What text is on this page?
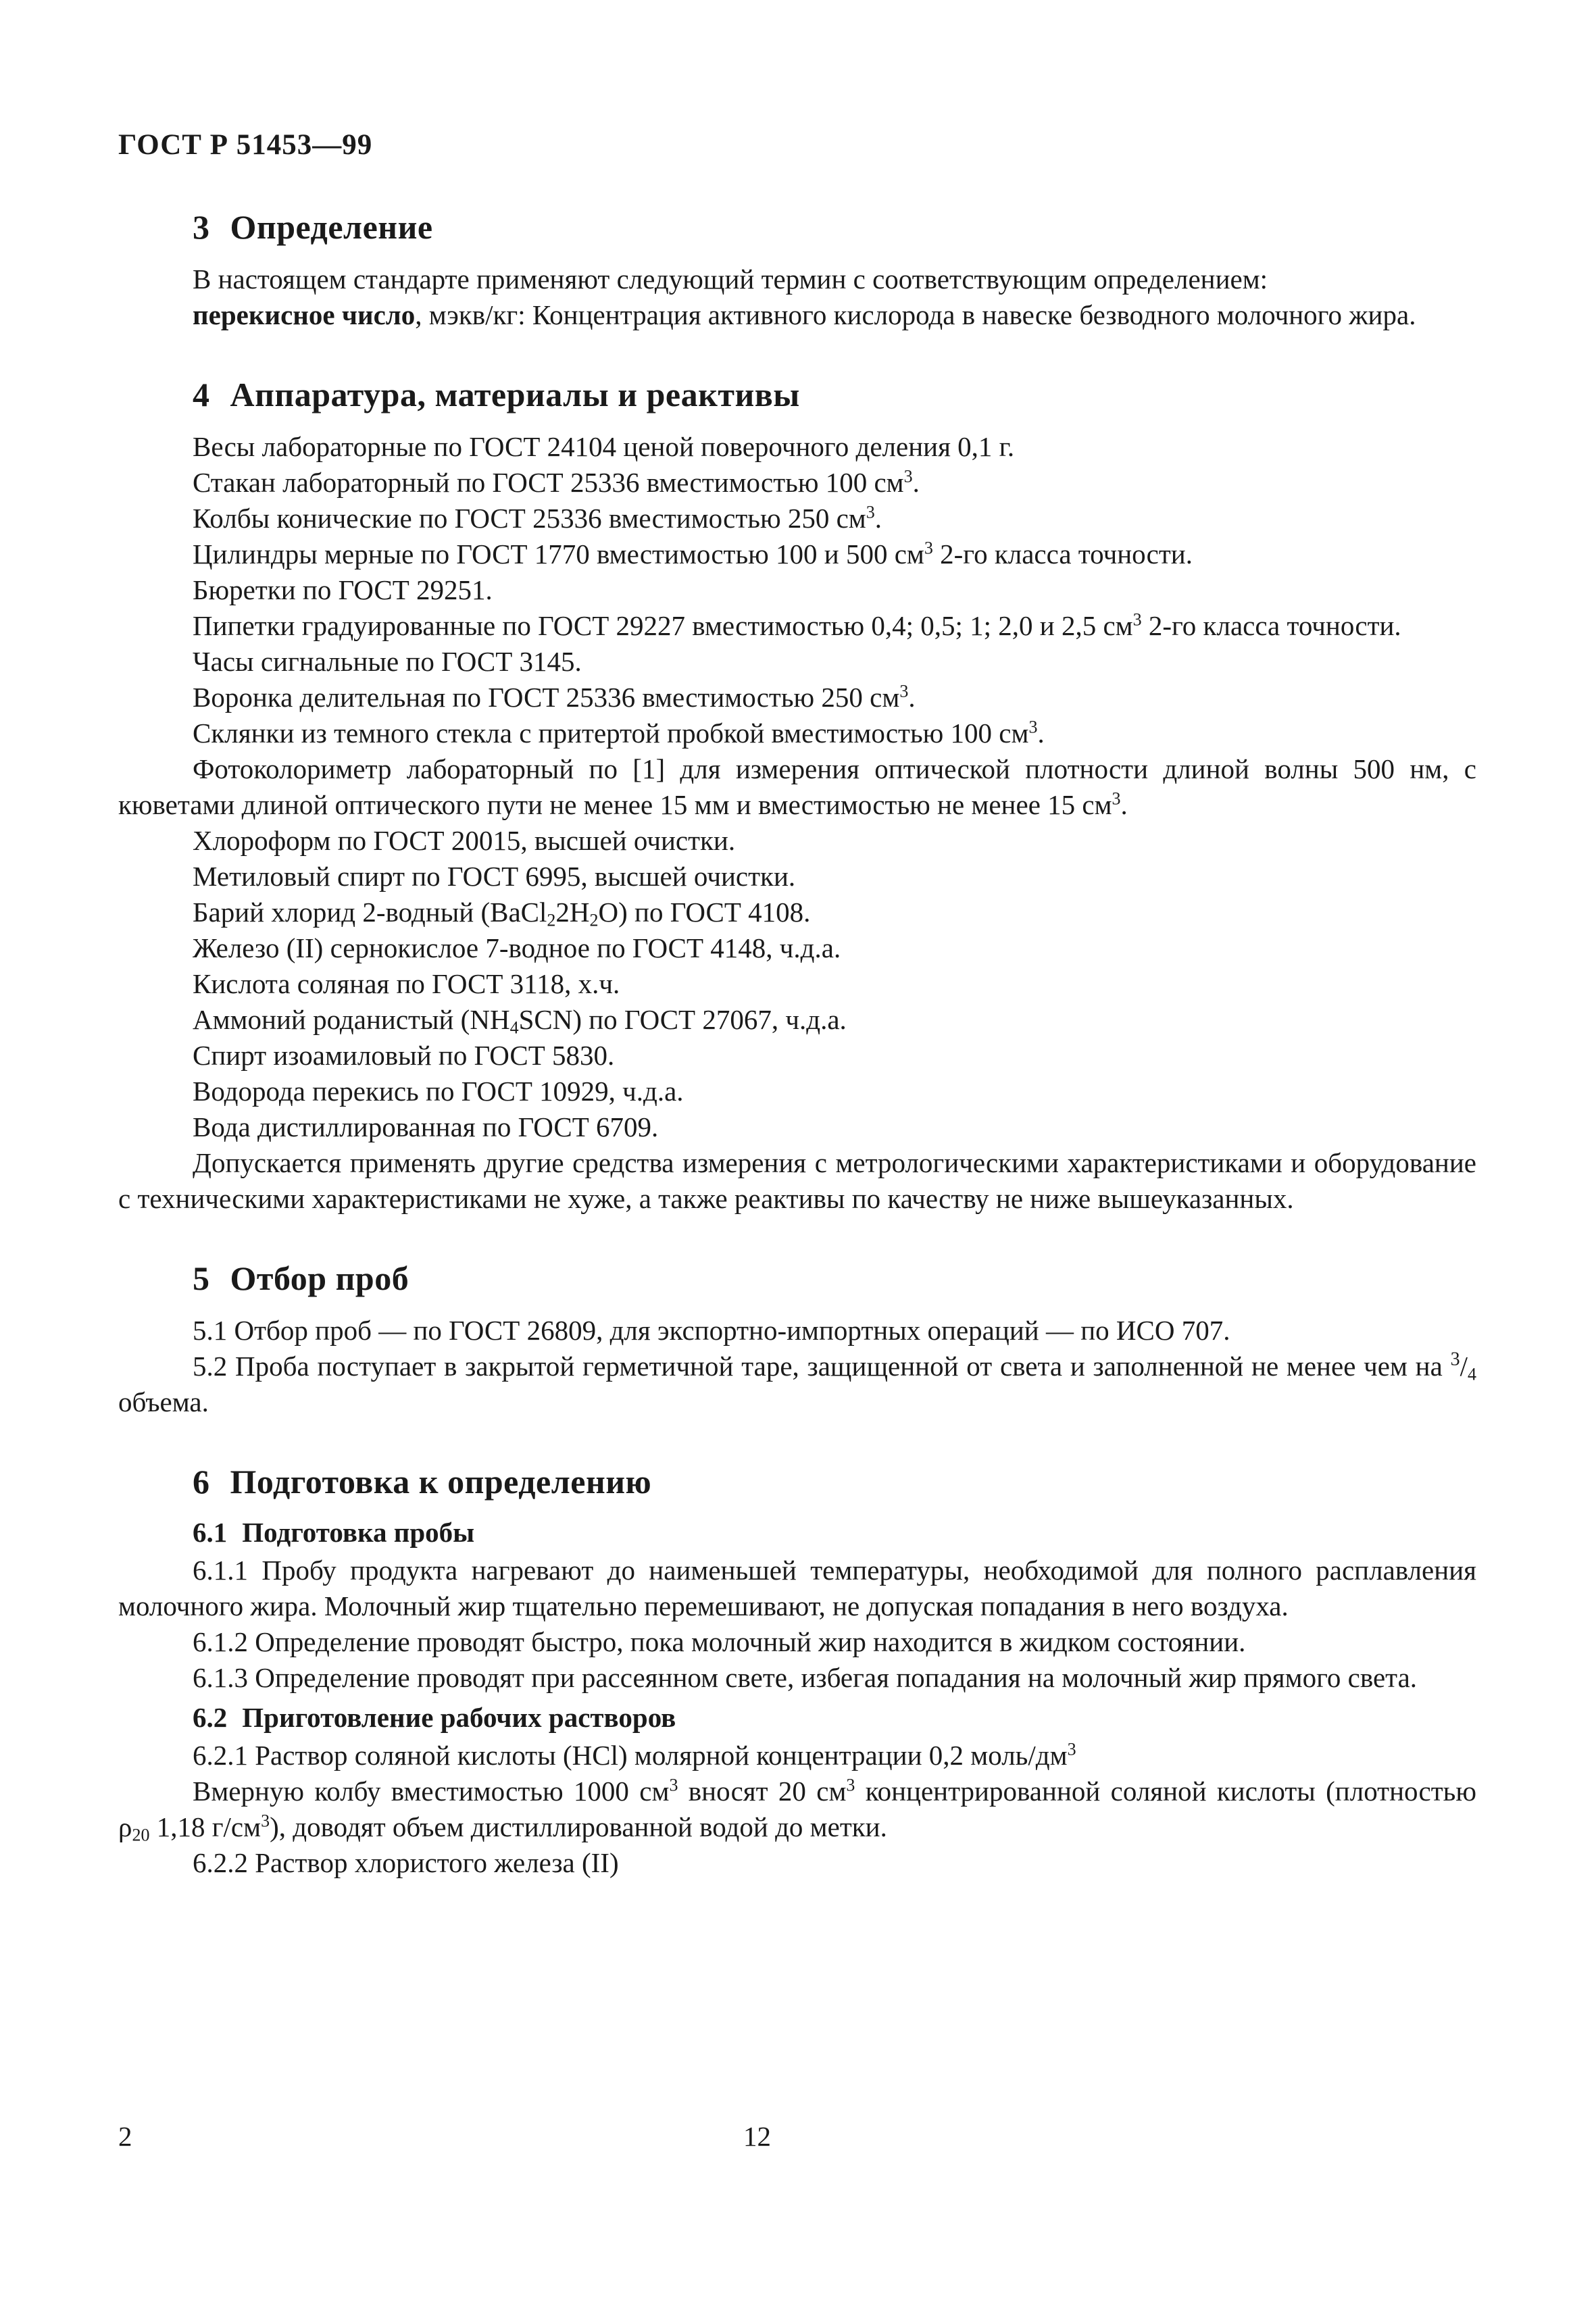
ГОСТ Р 51453—99
3 Определение

В настоящем стандарте применяют следующий термин с соответствующим определением:

перекисное число, мэкв/кг: Концентрация активного кислорода в навеске безводного молочного жира.

4 Аппаратура, материалы и реактивы

Весы лабораторные по ГОСТ 24104 ценой поверочного деления 0,1 г.

Стакан лабораторный по ГОСТ 25336 вместимостью 100 $см^3$.

Колбы конические по ГОСТ 25336 вместимостью 250 $см^3$.

Цилиндры мерные по ГОСТ 1770 вместимостью 100 и 500 $см^3$ 2-го класса точности.

Бюретки по ГОСТ 29251.

Пипетки градуированные по ГОСТ 29227 вместимостью 0,4; 0,5; 1; 2,0 и 2,5 $см^3$ 2-го класса точности.

Часы сигнальные по ГОСТ 3145.

Воронка делительная по ГОСТ 25336 вместимостью 250 $см^3$.

Склянки из темного стекла с притертой пробкой вместимостью 100 $см^3$.

Фотоколориметр лабораторный по [1] для измерения оптической плотности длиной волны 500 нм, с кюветами длиной оптического пути не менее 15 мм и вместимостью не менее 15 $см^3$.

Хлороформ по ГОСТ 20015, высшей очистки.

Метиловый спирт по ГОСТ 6995, высшей очистки.

Барий хлорид 2-водный $(BaCl_22H_2O)$ по ГОСТ 4108.

Железо (II) сернокислое 7-водное по ГОСТ 4148, ч.д.а.

Кислота соляная по ГОСТ 3118, х.ч.

Аммоний роданистый $(NH_4SCN)$ по ГОСТ 27067, ч.д.а.

Спирт изоамиловый по ГОСТ 5830.

Водорода перекись по ГОСТ 10929, ч.д.а.

Вода дистиллированная по ГОСТ 6709.

Допускается применять другие средства измерения с метрологическими характеристиками и оборудование с техническими характеристиками не хуже, а также реактивы по качеству не ниже вышеуказанных.

5 Отбор проб

5.1 Отбор проб — по ГОСТ 26809, для экспортно-импортных операций — по ИСО 707.

5.2 Проба поступает в закрытой герметичной таре, защищенной от света и заполненной не менее чем на $^3/_4$ объема.

6 Подготовка к определению
6.1 Подготовка пробы

6.1.1 Пробу продукта нагревают до наименьшей температуры, необходимой для полного расплавления молочного жира. Молочный жир тщательно перемешивают, не допуская попадания в него воздуха.

6.1.2 Определение проводят быстро, пока молочный жир находится в жидком состоянии.

6.1.3 Определение проводят при рассеянном свете, избегая попадания на молочный жир прямого света.

6.2 Приготовление рабочих растворов

6.2.1 Раствор соляной кислоты (HCl) молярной концентрации 0,2 моль/$дм^3$

Вмерную колбу вместимостью 1000 $см^3$ вносят 20 $см^3$ концентрированной соляной кислоты (плотностью $\rho_{20}$ 1,18 $г/см^3$), доводят объем дистиллированной водой до метки.

6.2.2 Раствор хлористого железа (II)

2	12
